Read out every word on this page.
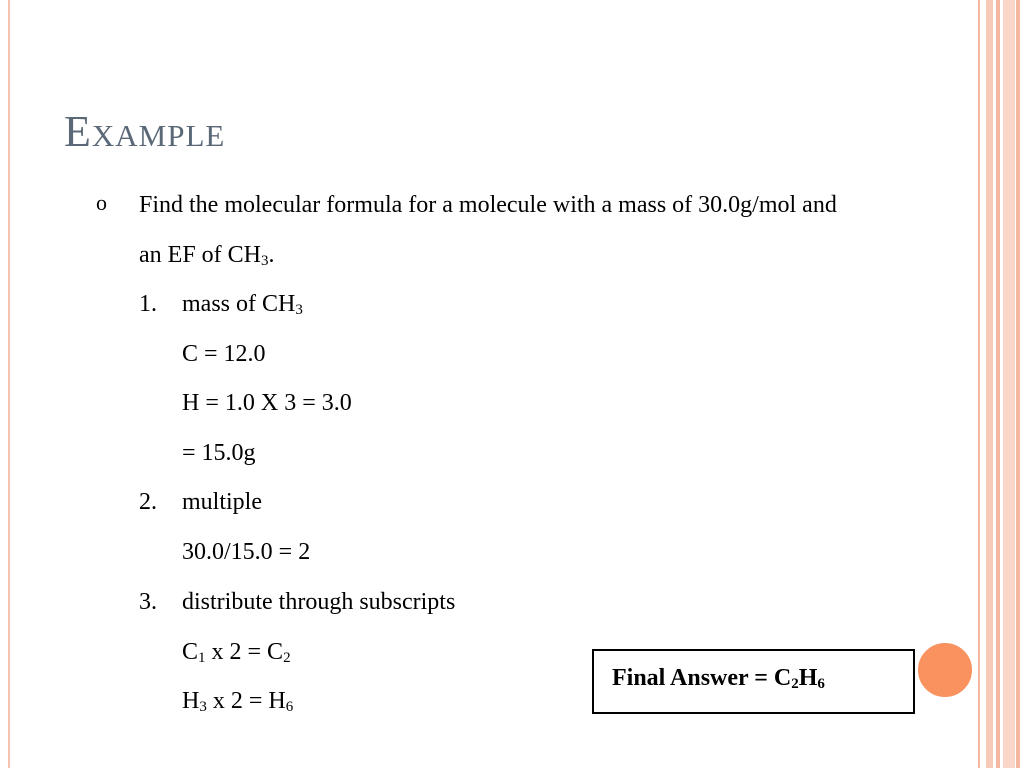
Example
o Find the molecular formula for a molecule with a mass of 30.0g/mol and
an EF of $CH_3$.
1. mass of $CH_3$
C = 12.0
H = 1.0 X 3 = 3.0
= 15.0g
2. multiple
30.0/15.0 = 2
3. distribute through subscripts
$C_1$ x $2 = C_2$
$H_3$ x $2 = H_6$
Final Answer = $C_2H_6$
